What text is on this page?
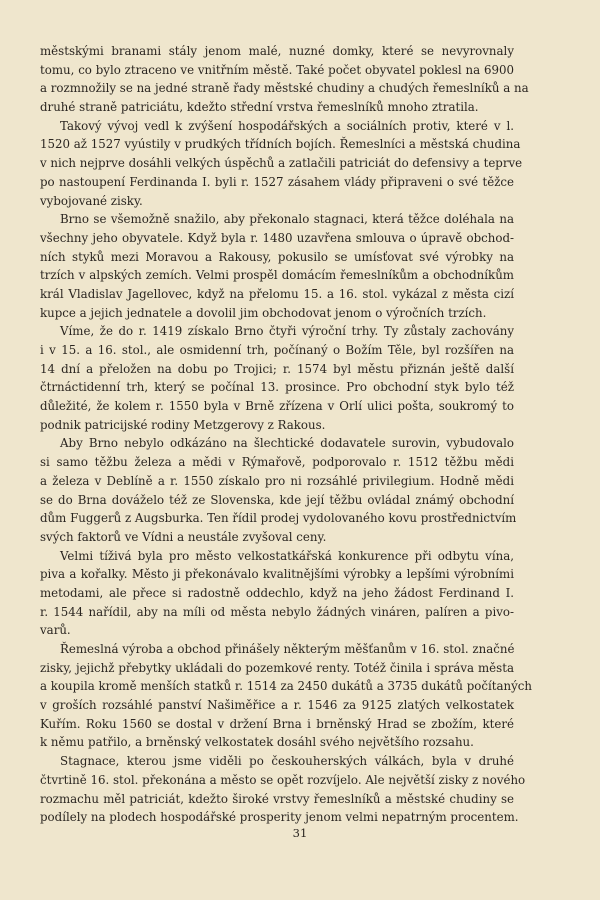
městskými branami stály jenom malé, nuzné domky, které se nevyrovnaly
tomu, co bylo ztraceno ve vnitřním městě. Také počet obyvatel poklesl na 6900
a rozmnožily se na jedné straně řady městské chudiny a chudých řemeslníků a na
druhé straně patriciátu, kdežto střední vrstva řemeslníků mnoho ztratila.
Takový vývoj vedl k zvýšení hospodářských a sociálních protiv, které v l.
1520 až 1527 vyústily v prudkých třídních bojích. Řemeslníci a městská chudina
v nich nejprve dosáhli velkých úspěchů a zatlačili patriciát do defensivy a teprve
po nastoupení Ferdinanda I. byli r. 1527 zásahem vlády připraveni o své těžce
vybojované zisky.
Brno se všemožně snažilo, aby překonalo stagnaci, která těžce doléhala na
všechny jeho obyvatele. Když byla r. 1480 uzavřena smlouva o úpravě obchod-
ních styků mezi Moravou a Rakousy, pokusilo se umísťovat své výrobky na
trzích v alpských zemích. Velmi prospěl domácím řemeslníkům a obchodníkům
král Vladislav Jagellovec, když na přelomu 15. a 16. stol. vykázal z města cizí
kupce a jejich jednatele a dovolil jim obchodovat jenom o výročních trzích.
Víme, že do r. 1419 získalo Brno čtyři výroční trhy. Ty zůstaly zachovány
i v 15. a 16. stol., ale osmidenní trh, počínaný o Božím Těle, byl rozšířen na
14 dní a přeložen na dobu po Trojici; r. 1574 byl městu přiznán ještě další
čtrnáctidenní trh, který se počínal 13. prosince. Pro obchodní styk bylo též
důležité, že kolem r. 1550 byla v Brně zřízena v Orlí ulici pošta, soukromý to
podnik patricijské rodiny Metzgerovy z Rakous.
Aby Brno nebylo odkázáno na šlechtické dodavatele surovin, vybudovalo
si samo těžbu železa a mědi v Rýmařově, podporovalo r. 1512 těžbu mědi
a železa v Deblíně a r. 1550 získalo pro ni rozsáhlé privilegium. Hodně mědi
se do Brna dováželo též ze Slovenska, kde její těžbu ovládal známý obchodní
dům Fuggerů z Augsburka. Ten řídil prodej vydolovaného kovu prostřednictvím
svých faktorů ve Vídni a neustále zvyšoval ceny.
Velmi tíživá byla pro město velkostatkářská konkurence při odbytu vína,
piva a kořalky. Město ji překonávalo kvalitnějšími výrobky a lepšími výrobními
metodami, ale přece si radostně oddechlo, když na jeho žádost Ferdinand I.
r. 1544 nařídil, aby na míli od města nebylo žádných vináren, palíren a pivo-
varů.
Řemeslná výroba a obchod přinášely některým měšťanům v 16. stol. značné
zisky, jejichž přebytky ukládali do pozemkové renty. Totéž činila i správa města
a koupila kromě menších statků r. 1514 za 2450 dukátů a 3735 dukátů počítaných
v groších rozsáhlé panství Našiměřice a r. 1546 za 9125 zlatých velkostatek
Kuřím. Roku 1560 se dostal v držení Brna i brněnský Hrad se zbožím, které
k němu patřilo, a brněnský velkostatek dosáhl svého největšího rozsahu.
Stagnace, kterou jsme viděli po českouherských válkách, byla v druhé
čtvrtině 16. stol. překonána a město se opět rozvíjelo. Ale největší zisky z nového
rozmachu měl patriciát, kdežto široké vrstvy řemeslníků a městské chudiny se
podílely na plodech hospodářské prosperity jenom velmi nepatrným procentem.
31
